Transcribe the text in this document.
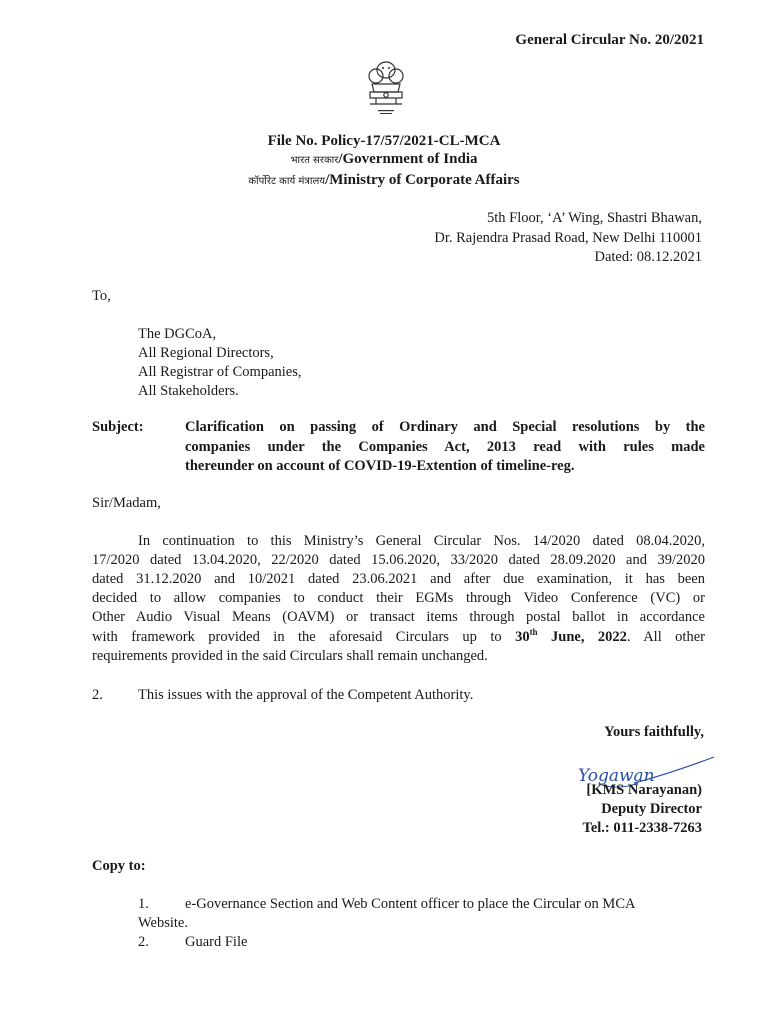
General Circular No. 20/2021
File No. Policy-17/57/2021-CL-MCA
भारत सरकार/Government of India
कॉर्पोरेट कार्य मंत्रालय/Ministry of Corporate Affairs
5th Floor, ‘A’ Wing, Shastri Bhawan,
Dr. Rajendra Prasad Road, New Delhi 110001
Dated: 08.12.2021
To,
The DGCoA,
All Regional Directors,
All Registrar of Companies,
All Stakeholders.
Subject:	Clarification on passing of Ordinary and Special resolutions by the
companies under the Companies Act, 2013 read with rules made
thereunder on account of COVID-19-Extention of timeline-reg.
Sir/Madam,
In continuation to this Ministry’s General Circular Nos. 14/2020 dated 08.04.2020,
17/2020 dated 13.04.2020, 22/2020 dated 15.06.2020, 33/2020 dated 28.09.2020 and 39/2020
dated 31.12.2020 and 10/2021 dated 23.06.2021 and after due examination, it has been
decided to allow companies to conduct their EGMs through Video Conference (VC) or
Other Audio Visual Means (OAVM) or transact items through postal ballot in accordance
with framework provided in the aforesaid Circulars up to 30th June, 2022. All other
requirements provided in the said Circulars shall remain unchanged.
2. This issues with the approval of the Competent Authority.
Yours faithfully,
Yogawan
[KMS Narayanan)
Deputy Director
Tel.: 011-2338-7263
Copy to:
1. e-Governance Section and Web Content officer to place the Circular on MCA
Website.
2. Guard File
